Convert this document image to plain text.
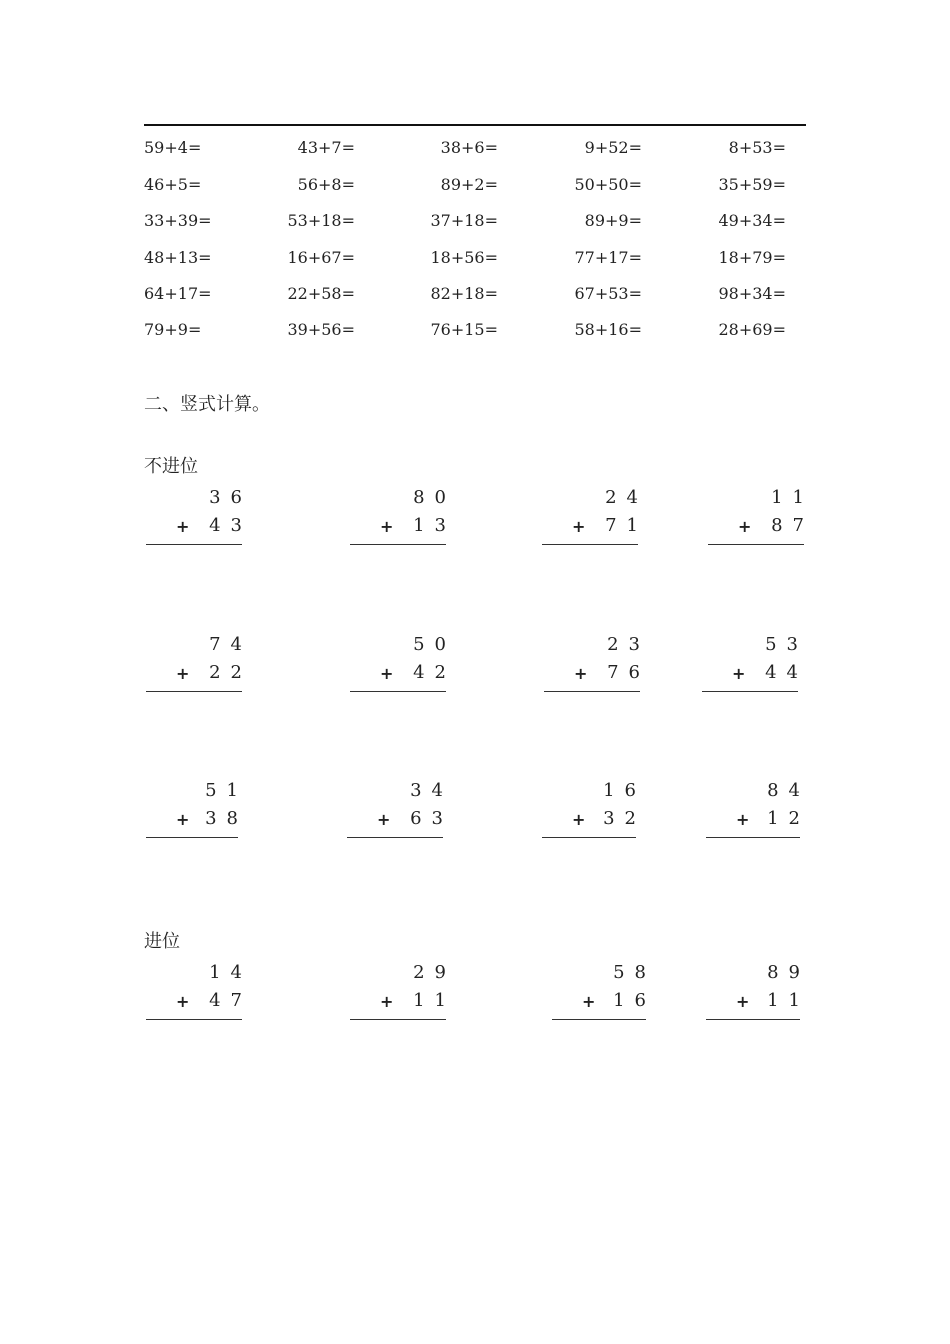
59+4=	43+7=	38+6=	9+52=	8+53=
46+5=	56+8=	89+2=	50+50=	35+59=
33+39=	53+18=	37+18=	89+9=	49+34=
48+13=	16+67=	18+56=	77+17=	18+79=
64+17=	22+58=	82+18=	67+53=	98+34=
79+9=	39+56=	76+15=	58+16=	28+69=
二、竖式计算。
不进位
36
+ 43
80
+ 13
24
+ 71
11
+ 87
74
+ 22
50
+ 42
23
+ 76
53
+ 44
51
+ 38
34
+ 63
16
+ 32
84
+ 12
进位
14
+ 47
29
+ 11
58
+ 16
89
+ 11
